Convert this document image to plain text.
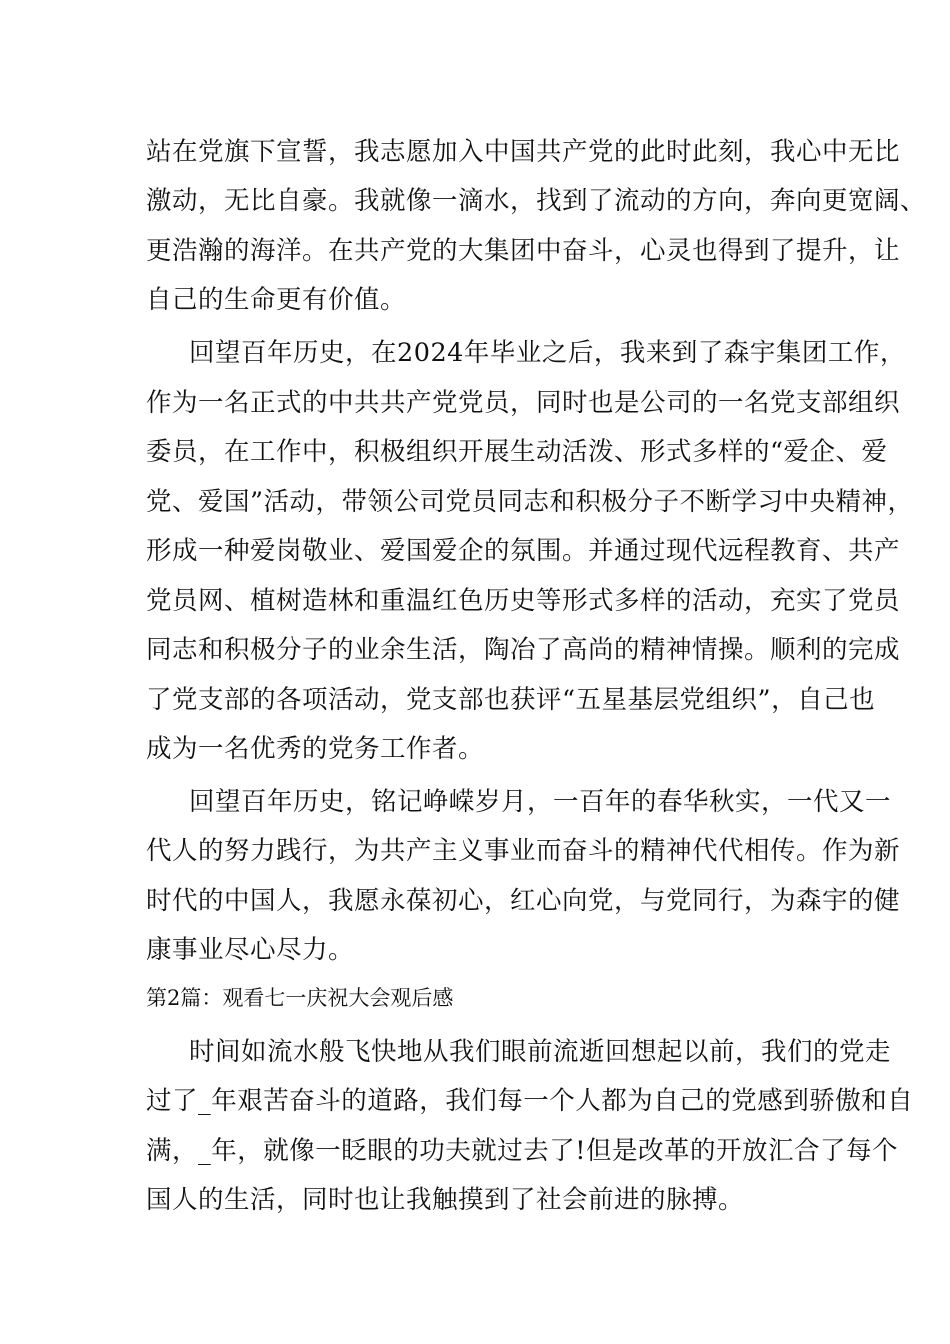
站在党旗下宣誓，我志愿加入中国共产党的此时此刻，我心中无比
激动，无比自豪。我就像一滴水，找到了流动的方向，奔向更宽阔、
更浩瀚的海洋。在共产党的大集团中奋斗，心灵也得到了提升，让
自己的生命更有价值。
回望百年历史，在2024年毕业之后，我来到了森宇集团工作，
作为一名正式的中共共产党党员，同时也是公司的一名党支部组织
委员，在工作中，积极组织开展生动活泼、形式多样的“爱企、爱
党、爱国”活动，带领公司党员同志和积极分子不断学习中央精神，
形成一种爱岗敬业、爱国爱企的氛围。并通过现代远程教育、共产
党员网、植树造林和重温红色历史等形式多样的活动，充实了党员
同志和积极分子的业余生活，陶冶了高尚的精神情操。顺利的完成
了党支部的各项活动，党支部也获评“五星基层党组织”，自己也
成为一名优秀的党务工作者。
回望百年历史，铭记峥嵘岁月，一百年的春华秋实，一代又一
代人的努力践行，为共产主义事业而奋斗的精神代代相传。作为新
时代的中国人，我愿永葆初心，红心向党，与党同行，为森宇的健
康事业尽心尽力。
第2篇：观看七一庆祝大会观后感
时间如流水般飞快地从我们眼前流逝回想起以前，我们的党走
过了_年艰苦奋斗的道路，我们每一个人都为自己的党感到骄傲和自
满，_年，就像一眨眼的功夫就过去了!但是改革的开放汇合了每个
国人的生活，同时也让我触摸到了社会前进的脉搏。
